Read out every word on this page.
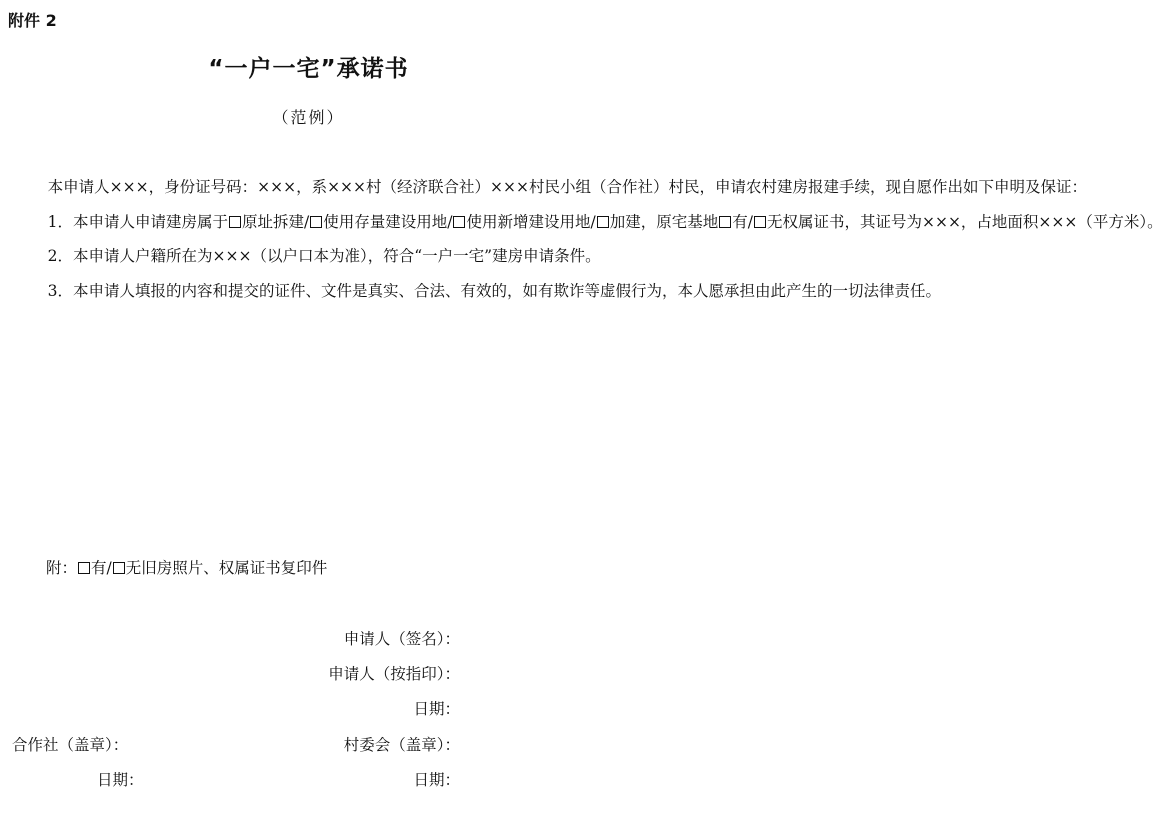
附件 2
“一户一宅”承诺书
（范例）

本申请人×××，身份证号码：×××，系×××村（经济联合社）×××村民小组（合作社）村民，申请农村建房报建手续，现自愿作出如下申明及保证：

1．本申请人申请建房属于 原址拆建/ 使用存量建设用地/ 使用新增建设用地/ 加建，原宅基地 有/ 无权属证书，其证号为×××，占地面积×××（平方米）。

2．本申请人户籍所在为×××（以户口本为准），符合“一户一宅”建房申请条件。

3．本申请人填报的内容和提交的证件、文件是真实、合法、有效的，如有欺诈等虚假行为，本人愿承担由此产生的一切法律责任。

附： 有/ 无旧房照片、权属证书复印件
申请人（签名）：
申请人（按指印）：
日期：
合作社（盖章）：	村委会（盖章）：
日期：	日期：
